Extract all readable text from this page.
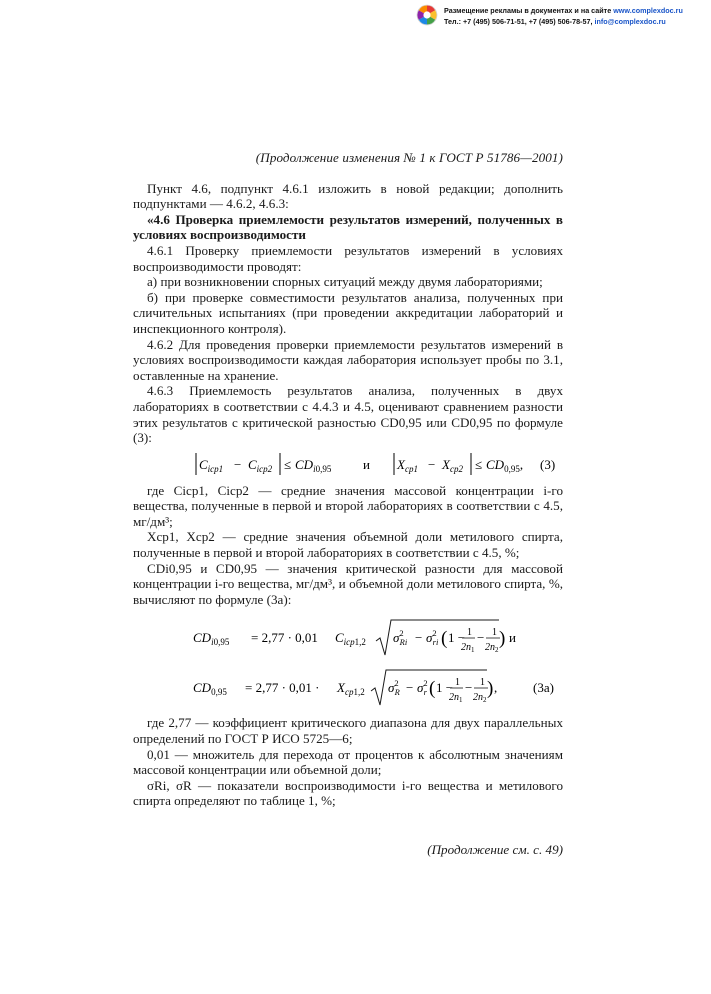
Размещение рекламы в документах и на сайте www.complexdoc.ru
Тел.: +7 (495) 506-71-51, +7 (495) 506-78-57, info@complexdoc.ru
(Продолжение изменения № 1 к ГОСТ Р 51786—2001)

Пункт 4.6, подпункт 4.6.1 изложить в новой редакции; дополнить подпунктами — 4.6.2, 4.6.3:

«4.6 Проверка приемлемости результатов измерений, полученных в условиях воспроизводимости

4.6.1 Проверку приемлемости результатов измерений в условиях воспроизводимости проводят:

а) при возникновении спорных ситуаций между двумя лабораториями;

б) при проверке совместимости результатов анализа, полученных при сличительных испытаниях (при проведении аккредитации лабораторий и инспекционного контроля).

4.6.2 Для проведения проверки приемлемости результатов измерений в условиях воспроизводимости каждая лаборатория использует пробы по 3.1, оставленные на хранение.

4.6.3 Приемлемость результатов анализа, полученных в двух лабораториях в соответствии с 4.4.3 и 4.5, оценивают сравнением разности этих результатов с критической разностью CD0,95 или CD0,95 по формуле (3):

$C_{icp1} - C_{icp2} \le CD_i0,95$ и $X_{cp1} - X_{cp2} \le CD_{0,95}$, (3)

где Cicp1, Cicp2 — средние значения массовой концентрации i-го вещества, полученные в первой и второй лабораториях в соответствии с 4.5, мг/дм³;

Xcp1, Xcp2 — средние значения объемной доли метилового спирта, полученные в первой и второй лабораториях в соответствии с 4.5, %;

CDi0,95 и CD0,95 — значения критической разности для массовой концентрации i-го вещества, мг/дм³, и объемной доли метилового спирта, %, вычисляют по формуле (3а):

$CD_i0,95 = 2,77 \cdot 0,01$ $C_{icp}1,2$ $\sigma^2$ $Ri - \sigma^2$ ri ( 1 − 1
$2n_1$
− 1
$2n_2$
) и
$CD_{0,95} = 2,77 \cdot 0,01 \cdot X_{cp}1,2$ $\sigma^2$ $R - \sigma^2$ r ( 1 − 1
$2n_1$
− 1
$2n_2$
) ,	(3а)

где 2,77 — коэффициент критического диапазона для двух параллельных определений по ГОСТ Р ИСО 5725—6;

0,01 — множитель для перехода от процентов к абсолютным значениям массовой концентрации или объемной доли;

σRi, σR — показатели воспроизводимости i-го вещества и метилового спирта определяют по таблице 1, %;

(Продолжение см. с. 49)
